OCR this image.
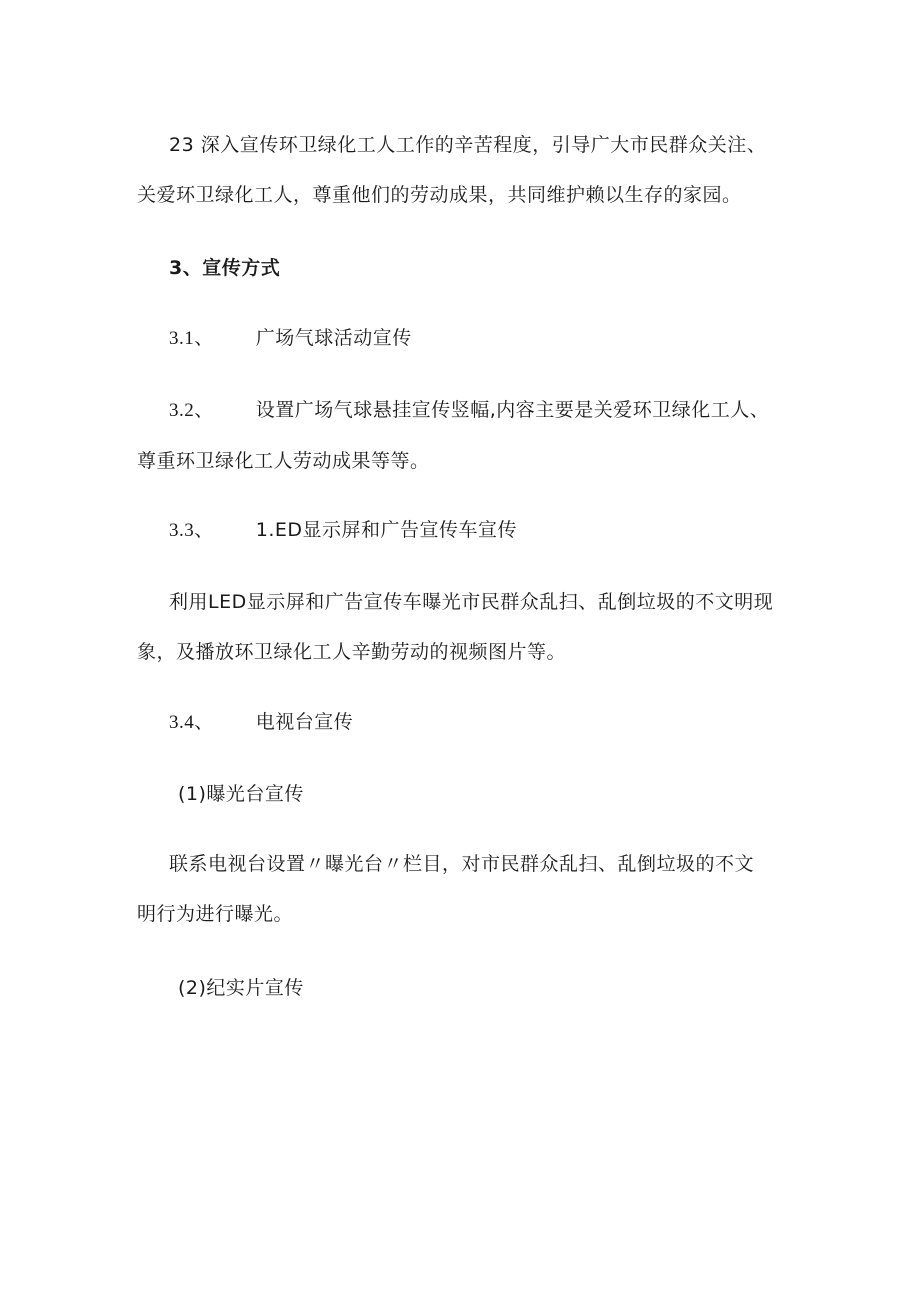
23 深入宣传环卫绿化工人工作的辛苦程度，引导广大市民群众关注、
关爱环卫绿化工人，尊重他们的劳动成果，共同维护赖以生存的家园。
3、宣传方式
3.1、 广场气球活动宣传
3.2、 设置广场气球悬挂宣传竖幅,内容主要是关爱环卫绿化工人、
尊重环卫绿化工人劳动成果等等。
3.3、 1.ED显示屏和广告宣传车宣传
利用LED显示屏和广告宣传车曝光市民群众乱扫、乱倒垃圾的不文明现
象，及播放环卫绿化工人辛勤劳动的视频图片等。
3.4、 电视台宣传
(1)曝光台宣传
联系电视台设置〃曝光台〃栏目，对市民群众乱扫、乱倒垃圾的不文
明行为进行曝光。
(2)纪实片宣传
